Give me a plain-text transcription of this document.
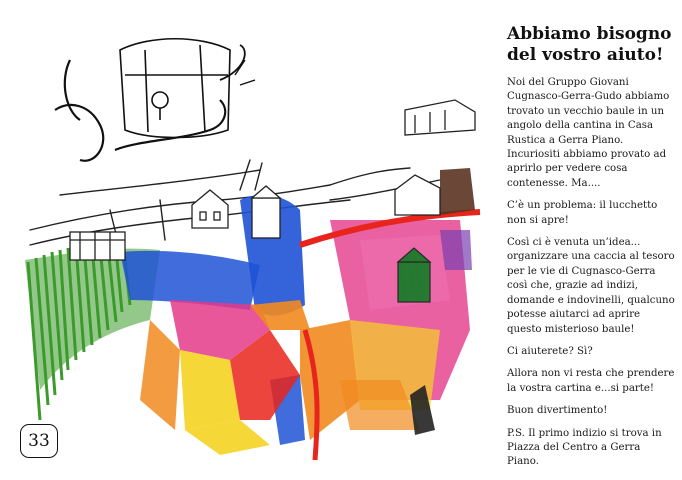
33
Abbiamo bisogno
del vostro aiuto!

Noi del Gruppo Giovani Cugnasco-Gerra-Gudo abbiamo trovato un vecchio baule in un angolo della cantina in Casa Rustica a Gerra Piano. Incuriositi abbiamo provato ad aprirlo per vedere cosa contenesse. Ma....

C’è un problema: il lucchetto non si apre!

Così ci è venuta un’idea... organizzare una caccia al tesoro per le vie di Cugnasco-Gerra così che, grazie ad indizi, domande e indovinelli, qualcuno potesse aiutarci ad aprire questo misterioso baule!

Ci aiuterete? Sì?

Allora non vi resta che prendere la vostra cartina e...si parte!

Buon divertimento!

P.S. Il primo indizio si trova in Piazza del Centro a Gerra Piano.
